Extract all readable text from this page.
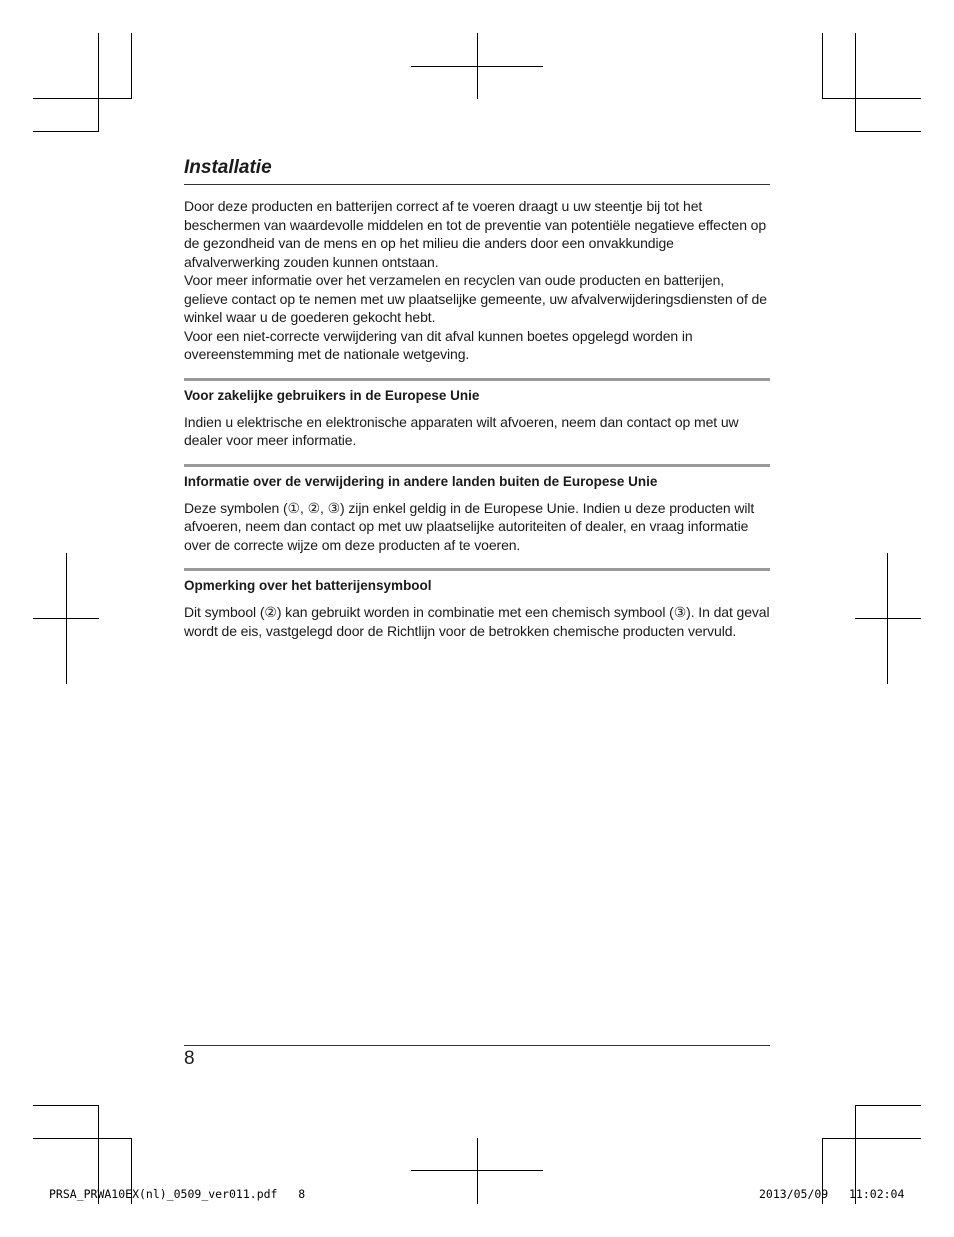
Installatie

Door deze producten en batterijen correct af te voeren draagt u uw steentje bij tot het beschermen van waardevolle middelen en tot de preventie van potentiële negatieve effecten op de gezondheid van de mens en op het milieu die anders door een onvakkundige afvalverwerking zouden kunnen ontstaan.

Voor meer informatie over het verzamelen en recyclen van oude producten en batterijen, gelieve contact op te nemen met uw plaatselijke gemeente, uw afvalverwijderingsdiensten of de winkel waar u de goederen gekocht hebt.

Voor een niet-correcte verwijdering van dit afval kunnen boetes opgelegd worden in overeenstemming met de nationale wetgeving.

Voor zakelijke gebruikers in de Europese Unie

Indien u elektrische en elektronische apparaten wilt afvoeren, neem dan contact op met uw dealer voor meer informatie.

Informatie over de verwijdering in andere landen buiten de Europese Unie

Deze symbolen (①, ②, ③) zijn enkel geldig in de Europese Unie. Indien u deze producten wilt afvoeren, neem dan contact op met uw plaatselijke autoriteiten of dealer, en vraag informatie over de correcte wijze om deze producten af te voeren.

Opmerking over het batterijensymbool

Dit symbool (②) kan gebruikt worden in combinatie met een chemisch symbool (③). In dat geval wordt de eis, vastgelegd door de Richtlijn voor de betrokken chemische producten vervuld.

8
PRSA_PRWA10EX(nl)_0509_ver011.pdf   8	2013/05/09   11:02:04
